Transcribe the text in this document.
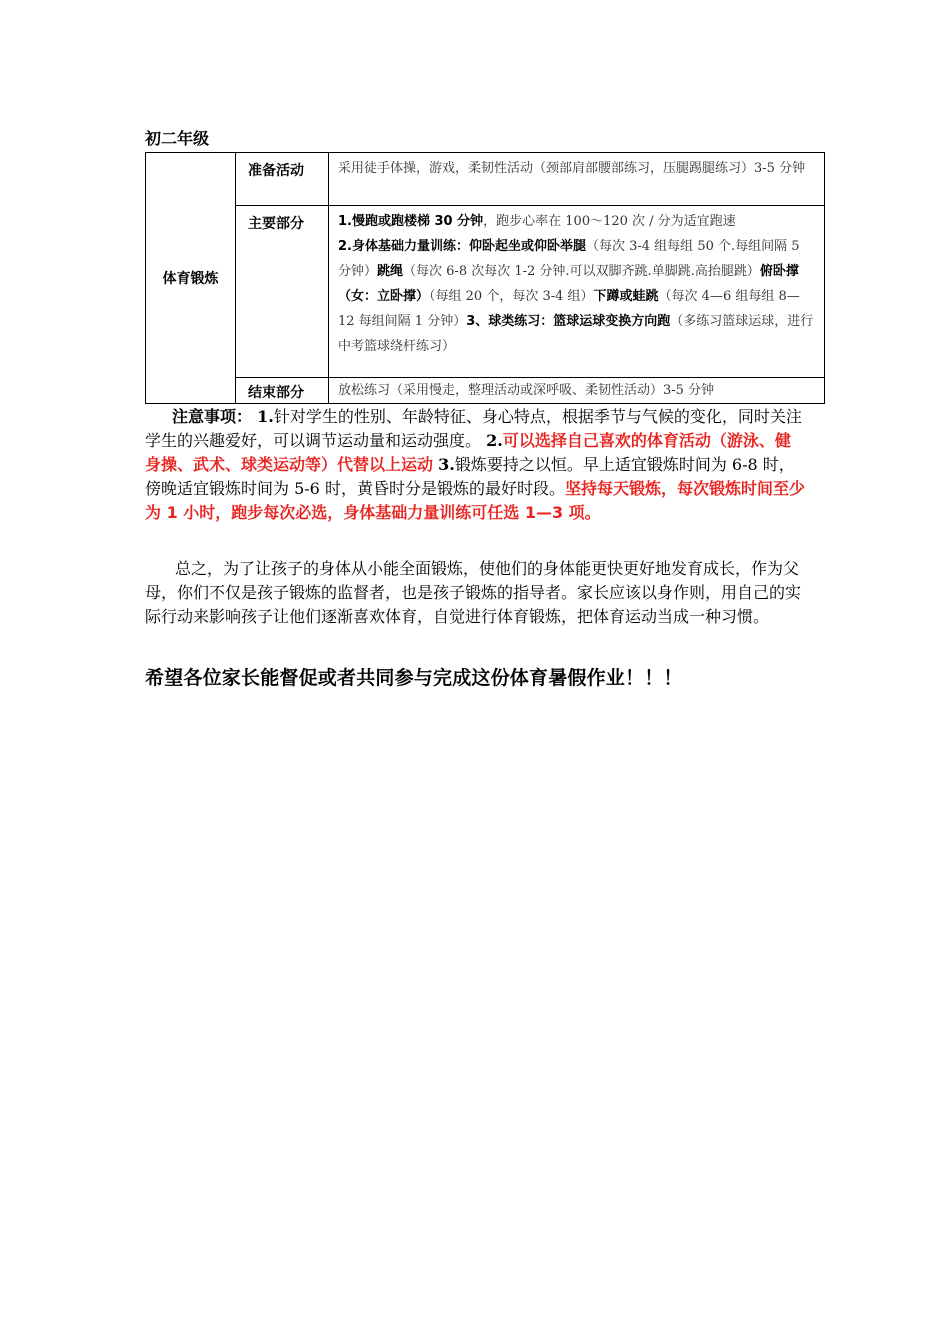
初二年级
体育锻炼	准备活动	采用徒手体操，游戏，柔韧性活动（颈部肩部腰部练习，压腿踢腿练习）3-5 分钟
	主要部分	1.慢跑或跑楼梯 30 分钟，跑步心率在 100～120 次 / 分为适宜跑速
2.身体基础力量训练：仰卧起坐或仰卧举腿（每次 3-4 组每组 50 个.每组间隔 5 分钟）跳绳（每次 6-8 次每次 1-2 分钟.可以双脚齐跳.单脚跳.高抬腿跳）俯卧撑（女：立卧撑）（每组 20 个，每次 3-4 组）下蹲或蛙跳（每次 4—6 组每组 8—12 每组间隔 1 分钟）3、球类练习：篮球运球变换方向跑（多练习篮球运球，进行中考篮球绕杆练习）
	结束部分	放松练习（采用慢走，整理活动或深呼吸、柔韧性活动）3-5 分钟

注意事项： 1.针对学生的性别、年龄特征、身心特点，根据季节与气候的变化，同时关注学生的兴趣爱好，可以调节运动量和运动强度。 2.可以选择自己喜欢的体育活动（游泳、健身操、武术、球类运动等）代替以上运动 3.锻炼要持之以恒。早上适宜锻炼时间为 6-8 时，傍晚适宜锻炼时间为 5-6 时，黄昏时分是锻炼的最好时段。坚持每天锻炼，每次锻炼时间至少为 1 小时，跑步每次必选，身体基础力量训练可任选 1—3 项。

总之，为了让孩子的身体从小能全面锻炼，使他们的身体能更快更好地发育成长，作为父母，你们不仅是孩子锻炼的监督者，也是孩子锻炼的指导者。家长应该以身作则，用自己的实际行动来影响孩子让他们逐渐喜欢体育，自觉进行体育锻炼，把体育运动当成一种习惯。

希望各位家长能督促或者共同参与完成这份体育暑假作业！！！
